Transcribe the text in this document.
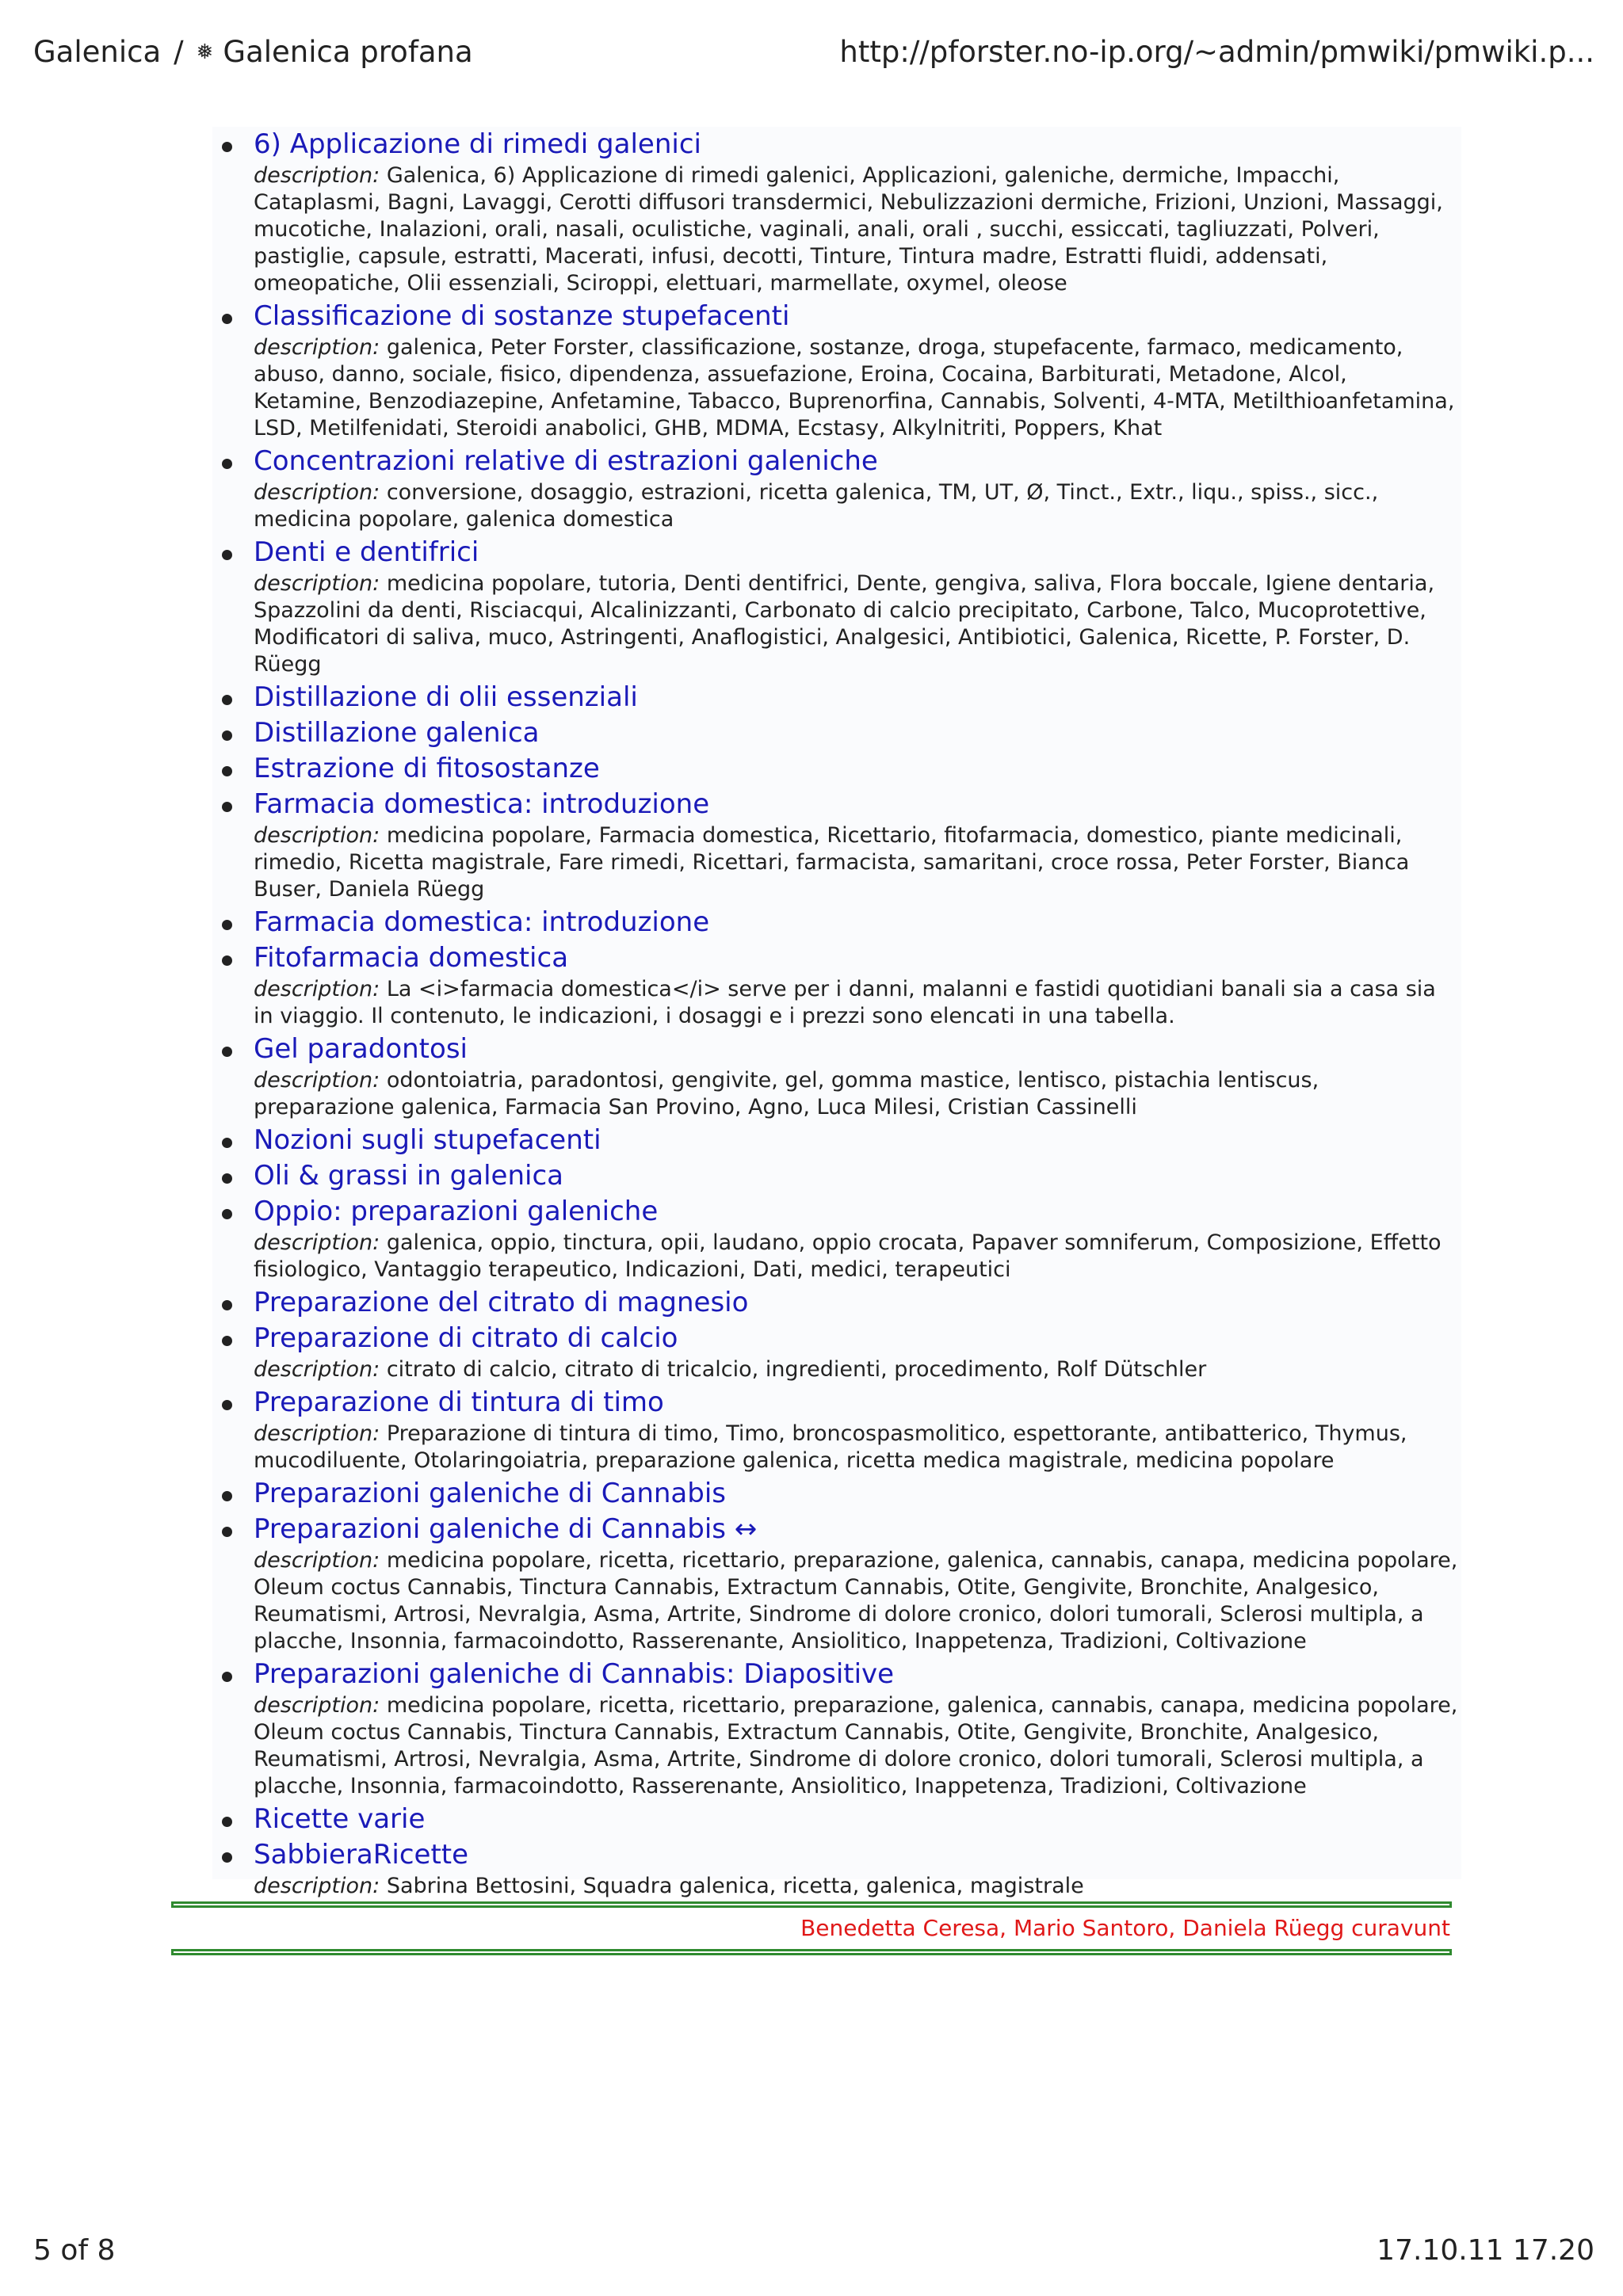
Galenica / ❅ Galenica profana	http://pforster.no-ip.org/~admin/pmwiki/pmwiki.p...
6) Applicazione di rimedi galenici
description: Galenica, 6) Applicazione di rimedi galenici, Applicazioni, galeniche, dermiche, Impacchi, Cataplasmi, Bagni, Lavaggi, Cerotti diffusori transdermici, Nebulizzazioni dermiche, Frizioni, Unzioni, Massaggi, mucotiche, Inalazioni, orali, nasali, oculistiche, vaginali, anali, orali , succhi, essiccati, tagliuzzati, Polveri, pastiglie, capsule, estratti, Macerati, infusi, decotti, Tinture, Tintura madre, Estratti fluidi, addensati, omeopatiche, Olii essenziali, Sciroppi, elettuari, marmellate, oxymel, oleose
Classificazione di sostanze stupefacenti
description: galenica, Peter Forster, classificazione, sostanze, droga, stupefacente, farmaco, medicamento, abuso, danno, sociale, fisico, dipendenza, assuefazione, Eroina, Cocaina, Barbiturati, Metadone, Alcol, Ketamine, Benzodiazepine, Anfetamine, Tabacco, Buprenorfina, Cannabis, Solventi, 4-MTA, Metilthioanfetamina, LSD, Metilfenidati, Steroidi anabolici, GHB, MDMA, Ecstasy, Alkylnitriti, Poppers, Khat
Concentrazioni relative di estrazioni galeniche
description: conversione, dosaggio, estrazioni, ricetta galenica, TM, UT, Ø, Tinct., Extr., liqu., spiss., sicc., medicina popolare, galenica domestica
Denti e dentifrici
description: medicina popolare, tutoria, Denti dentifrici, Dente, gengiva, saliva, Flora boccale, Igiene dentaria, Spazzolini da denti, Risciacqui, Alcalinizzanti, Carbonato di calcio precipitato, Carbone, Talco, Mucoprotettive, Modificatori di saliva, muco, Astringenti, Anaflogistici, Analgesici, Antibiotici, Galenica, Ricette, P. Forster, D. Rüegg
Distillazione di olii essenziali
Distillazione galenica
Estrazione di fitosostanze
Farmacia domestica: introduzione
description: medicina popolare, Farmacia domestica, Ricettario, fitofarmacia, domestico, piante medicinali, rimedio, Ricetta magistrale, Fare rimedi, Ricettari, farmacista, samaritani, croce rossa, Peter Forster, Bianca Buser, Daniela Rüegg
Farmacia domestica: introduzione
Fitofarmacia domestica
description: La <i>farmacia domestica</i> serve per i danni, malanni e fastidi quotidiani banali sia a casa sia in viaggio. Il contenuto, le indicazioni, i dosaggi e i prezzi sono elencati in una tabella.
Gel paradontosi
description: odontoiatria, paradontosi, gengivite, gel, gomma mastice, lentisco, pistachia lentiscus, preparazione galenica, Farmacia San Provino, Agno, Luca Milesi, Cristian Cassinelli
Nozioni sugli stupefacenti
Oli & grassi in galenica
Oppio: preparazioni galeniche
description: galenica, oppio, tinctura, opii, laudano, oppio crocata, Papaver somniferum, Composizione, Effetto fisiologico, Vantaggio terapeutico, Indicazioni, Dati, medici, terapeutici
Preparazione del citrato di magnesio
Preparazione di citrato di calcio
description: citrato di calcio, citrato di tricalcio, ingredienti, procedimento, Rolf Dütschler
Preparazione di tintura di timo
description: Preparazione di tintura di timo, Timo, broncospasmolitico, espettorante, antibatterico, Thymus, mucodiluente, Otolaringoiatria, preparazione galenica, ricetta medica magistrale, medicina popolare
Preparazioni galeniche di Cannabis
Preparazioni galeniche di Cannabis ↔
description: medicina popolare, ricetta, ricettario, preparazione, galenica, cannabis, canapa, medicina popolare, Oleum coctus Cannabis, Tinctura Cannabis, Extractum Cannabis, Otite, Gengivite, Bronchite, Analgesico, Reumatismi, Artrosi, Nevralgia, Asma, Artrite, Sindrome di dolore cronico, dolori tumorali, Sclerosi multipla, a placche, Insonnia, farmacoindotto, Rasserenante, Ansiolitico, Inappetenza, Tradizioni, Coltivazione
Preparazioni galeniche di Cannabis: Diapositive
description: medicina popolare, ricetta, ricettario, preparazione, galenica, cannabis, canapa, medicina popolare, Oleum coctus Cannabis, Tinctura Cannabis, Extractum Cannabis, Otite, Gengivite, Bronchite, Analgesico, Reumatismi, Artrosi, Nevralgia, Asma, Artrite, Sindrome di dolore cronico, dolori tumorali, Sclerosi multipla, a placche, Insonnia, farmacoindotto, Rasserenante, Ansiolitico, Inappetenza, Tradizioni, Coltivazione
Ricette varie
SabbieraRicette
description: Sabrina Bettosini, Squadra galenica, ricetta, galenica, magistrale
Benedetta Ceresa, Mario Santoro, Daniela Rüegg curavunt
5 of 8	17.10.11 17.20
